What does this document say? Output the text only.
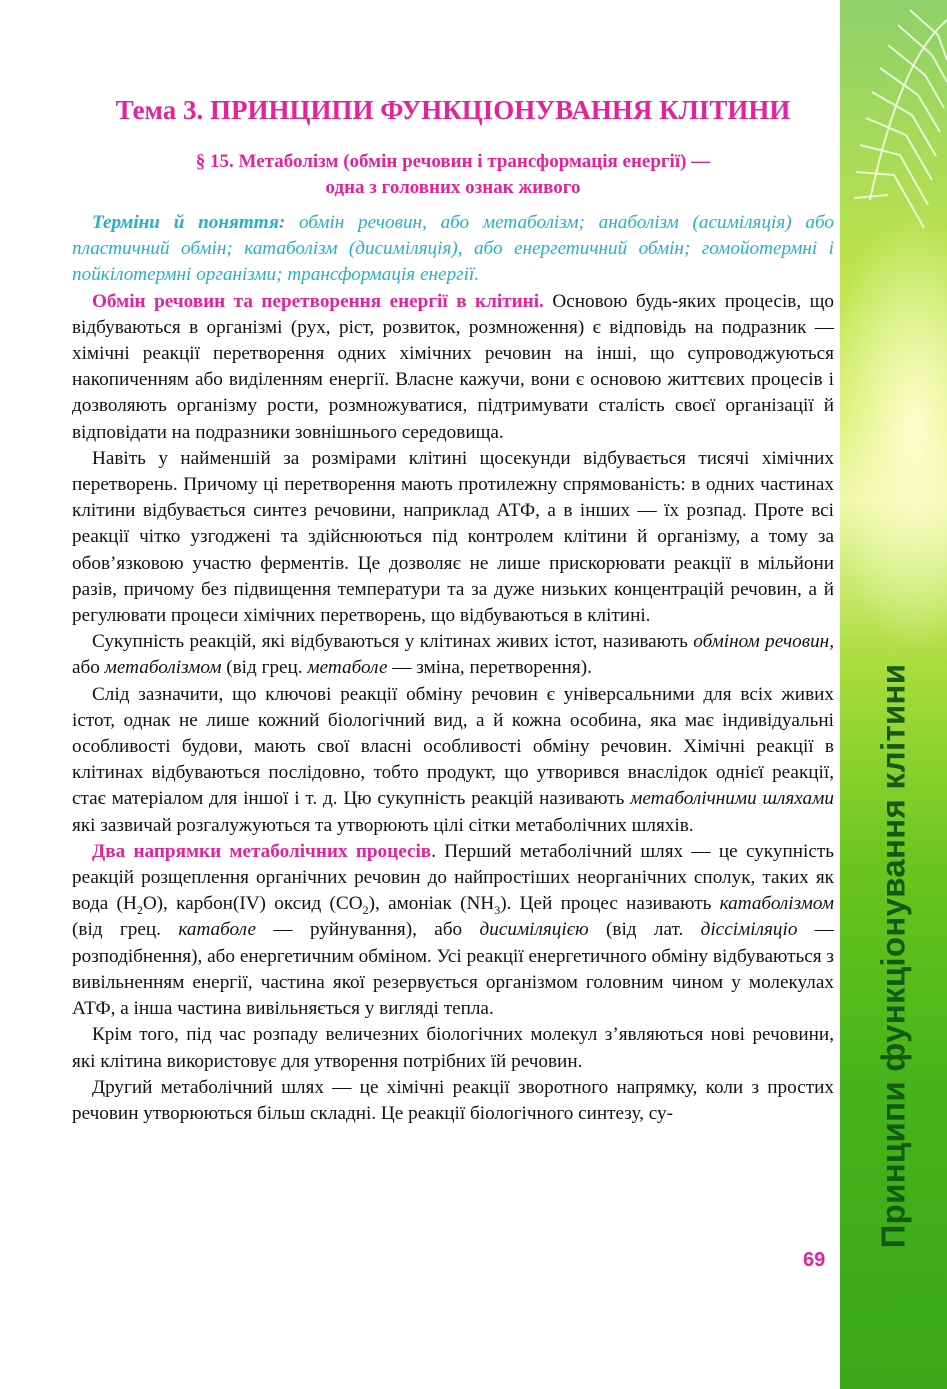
Принципи функціонування клітини
Тема 3. ПРИНЦИПИ ФУНКЦІОНУВАННЯ КЛІТИНИ
§ 15. Метаболізм (обмін речовин і трансформація енергії) —
одна з головних ознак живого

Терміни й поняття: обмін речовин, або метаболізм; анаболізм (асиміляція) або пластичний обмін; катаболізм (дисиміляція), або енергетичний обмін; гомойотермні і пойкілотермні організми; трансформація енергії.

Обмін речовин та перетворення енергії в клітині. Основою будь-яких процесів, що відбуваються в організмі (рух, ріст, розвиток, розмноження) є відповідь на подразник — хімічні реакції перетворення одних хімічних речовин на інші, що супроводжуються накопиченням або виділенням енергії. Власне кажучи, вони є основою життєвих процесів і дозволяють організму рости, розмножуватися, підтримувати сталість своєї організації й відповідати на подразники зовнішнього середовища.

Навіть у найменшій за розмірами клітині щосекунди відбувається тисячі хімічних перетворень. Причому ці перетворення мають протилежну спрямованість: в одних частинах клітини відбувається синтез речовини, наприклад АТФ, а в інших — їх розпад. Проте всі реакції чітко узгоджені та здійснюються під контролем клітини й організму, а тому за обов’язковою участю ферментів. Це дозволяє не лише прискорювати реакції в мільйони разів, причому без підвищення температури та за дуже низьких концентрацій речовин, а й регулювати процеси хімічних перетворень, що відбуваються в клітині.

Сукупність реакцій, які відбуваються у клітинах живих істот, називають обміном речовин, або метаболізмом (від грец. метаболе — зміна, перетворення).

Слід зазначити, що ключові реакції обміну речовин є універсальними для всіх живих істот, однак не лише кожний біологічний вид, а й кожна особина, яка має індивідуальні особливості будови, мають свої власні особливості обміну речовин. Хімічні реакції в клітинах відбуваються послідовно, тобто продукт, що утворився внаслідок однієї реакції, стає матеріалом для іншої і т. д. Цю сукупність реакцій називають метаболічними шляхами які зазвичай розгалужуються та утворюють цілі сітки метаболічних шляхів.

Два напрямки метаболічних процесів. Перший метаболічний шлях — це сукупність реакцій розщеплення органічних речовин до найпростіших неорганічних сполук, таких як вода $(H_2O)$, карбон(IV) оксид $(CO_2)$, амоніак $(NH_3)$. Цей процес називають катаболізмом (від грец. катаболе — руйнування), або дисиміляцією (від лат. діссіміляціо — розподібнення), або енергетичним обміном. Усі реакції енергетичного обміну відбуваються з вивільненням енергії, частина якої резервується організмом головним чином у молекулах АТФ, а інша частина вивільняється у вигляді тепла.

Крім того, під час розпаду величезних біологічних молекул з’являються нові речовини, які клітина використовує для утворення потрібних їй речовин.

Другий метаболічний шлях — це хімічні реакції зворотного напрямку, коли з простих речовин утворюються більш складні. Це реакції біологічного синтезу, су-

69
